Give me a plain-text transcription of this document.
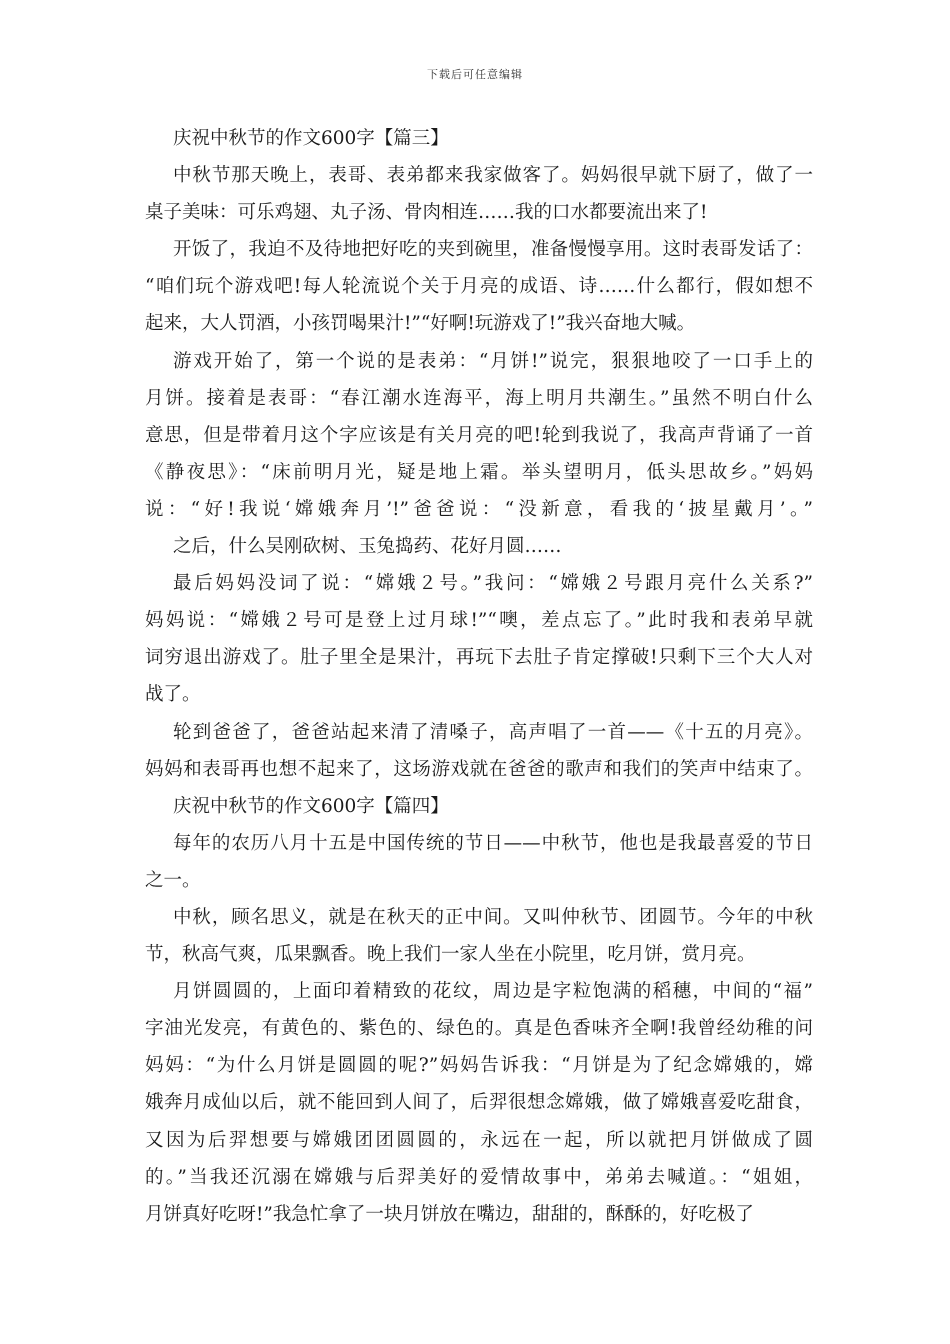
下载后可任意编辑
庆祝中秋节的作文600字【篇三】
中秋节那天晚上，表哥、表弟都来我家做客了。妈妈很早就下厨了，做了一
桌子美味：可乐鸡翅、丸子汤、骨肉相连……我的口水都要流出来了!
开饭了，我迫不及待地把好吃的夹到碗里，准备慢慢享用。这时表哥发话了：
“咱们玩个游戏吧!每人轮流说个关于月亮的成语、诗……什么都行，假如想不
起来，大人罚酒，小孩罚喝果汁!”“好啊!玩游戏了!”我兴奋地大喊。
游戏开始了，第一个说的是表弟：“月饼!”说完，狠狠地咬了一口手上的
月饼。接着是表哥：“春江潮水连海平，海上明月共潮生。”虽然不明白什么
意思，但是带着月这个字应该是有关月亮的吧!轮到我说了，我高声背诵了一首
《静夜思》：“床前明月光，疑是地上霜。举头望明月，低头思故乡。”妈妈
说：“好!我说‘嫦娥奔月’!”爸爸说：“没新意，看我的‘披星戴月’。”
之后，什么吴刚砍树、玉兔捣药、花好月圆……
最后妈妈没词了说：“嫦娥２号。”我问：“嫦娥２号跟月亮什么关系?”
妈妈说：“嫦娥２号可是登上过月球!”“噢，差点忘了。”此时我和表弟早就
词穷退出游戏了。肚子里全是果汁，再玩下去肚子肯定撑破!只剩下三个大人对
战了。
轮到爸爸了，爸爸站起来清了清嗓子，高声唱了一首——《十五的月亮》。
妈妈和表哥再也想不起来了，这场游戏就在爸爸的歌声和我们的笑声中结束了。
庆祝中秋节的作文600字【篇四】
每年的农历八月十五是中国传统的节日——中秋节，他也是我最喜爱的节日
之一。
中秋，顾名思义，就是在秋天的正中间。又叫仲秋节、团圆节。今年的中秋
节，秋高气爽，瓜果飘香。晚上我们一家人坐在小院里，吃月饼，赏月亮。
月饼圆圆的，上面印着精致的花纹，周边是字粒饱满的稻穗，中间的“福”
字油光发亮，有黄色的、紫色的、绿色的。真是色香味齐全啊!我曾经幼稚的问
妈妈：“为什么月饼是圆圆的呢?”妈妈告诉我：“月饼是为了纪念嫦娥的，嫦
娥奔月成仙以后，就不能回到人间了，后羿很想念嫦娥，做了嫦娥喜爱吃甜食，
又因为后羿想要与嫦娥团团圆圆的，永远在一起，所以就把月饼做成了圆
的。”当我还沉溺在嫦娥与后羿美好的爱情故事中，弟弟去喊道。：“姐姐，
月饼真好吃呀!”我急忙拿了一块月饼放在嘴边，甜甜的，酥酥的，好吃极了
